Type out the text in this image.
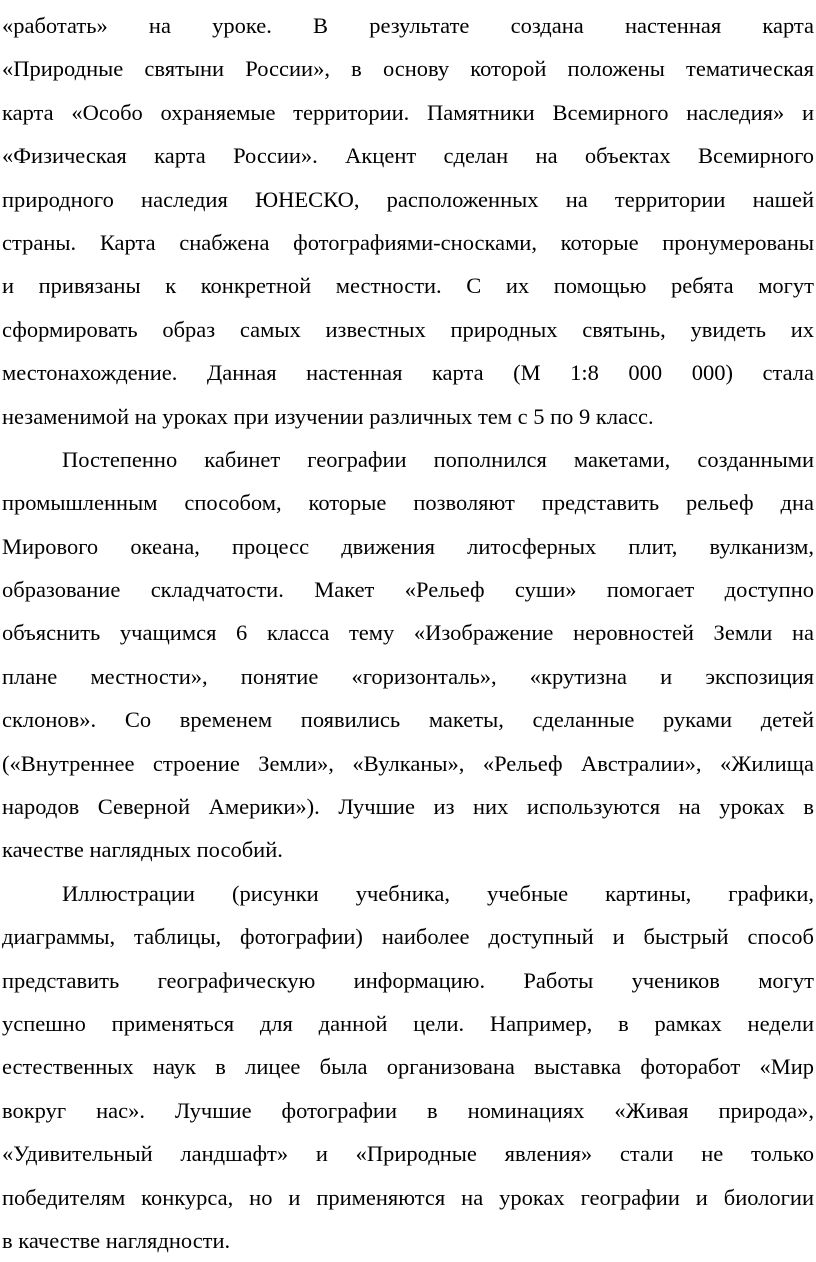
«работать» на уроке. В результате создана настенная карта
«Природные святыни России», в основу которой положены тематическая
карта «Особо охраняемые территории. Памятники Всемирного наследия» и
«Физическая карта России». Акцент сделан на объектах Всемирного
природного наследия ЮНЕСКО, расположенных на территории нашей
страны. Карта снабжена фотографиями-сносками, которые пронумерованы
и привязаны к конкретной местности. С их помощью ребята могут
сформировать образ самых известных природных святынь, увидеть их
местонахождение. Данная настенная карта (М 1:8 000 000) стала
незаменимой на уроках при изучении различных тем с 5 по 9 класс.
Постепенно кабинет географии пополнился макетами, созданными
промышленным способом, которые позволяют представить рельеф дна
Мирового океана, процесс движения литосферных плит, вулканизм,
образование складчатости. Макет «Рельеф суши» помогает доступно
объяснить учащимся 6 класса тему «Изображение неровностей Земли на
плане местности», понятие «горизонталь», «крутизна и экспозиция
склонов». Со временем появились макеты, сделанные руками детей
(«Внутреннее строение Земли», «Вулканы», «Рельеф Австралии», «Жилища
народов Северной Америки»). Лучшие из них используются на уроках в
качестве наглядных пособий.
Иллюстрации (рисунки учебника, учебные картины, графики,
диаграммы, таблицы, фотографии) наиболее доступный и быстрый способ
представить географическую информацию. Работы учеников могут
успешно применяться для данной цели. Например, в рамках недели
естественных наук в лицее была организована выставка фоторабот «Мир
вокруг нас». Лучшие фотографии в номинациях «Живая природа»,
«Удивительный ландшафт» и «Природные явления» стали не только
победителям конкурса, но и применяются на уроках географии и биологии
в качестве наглядности.
